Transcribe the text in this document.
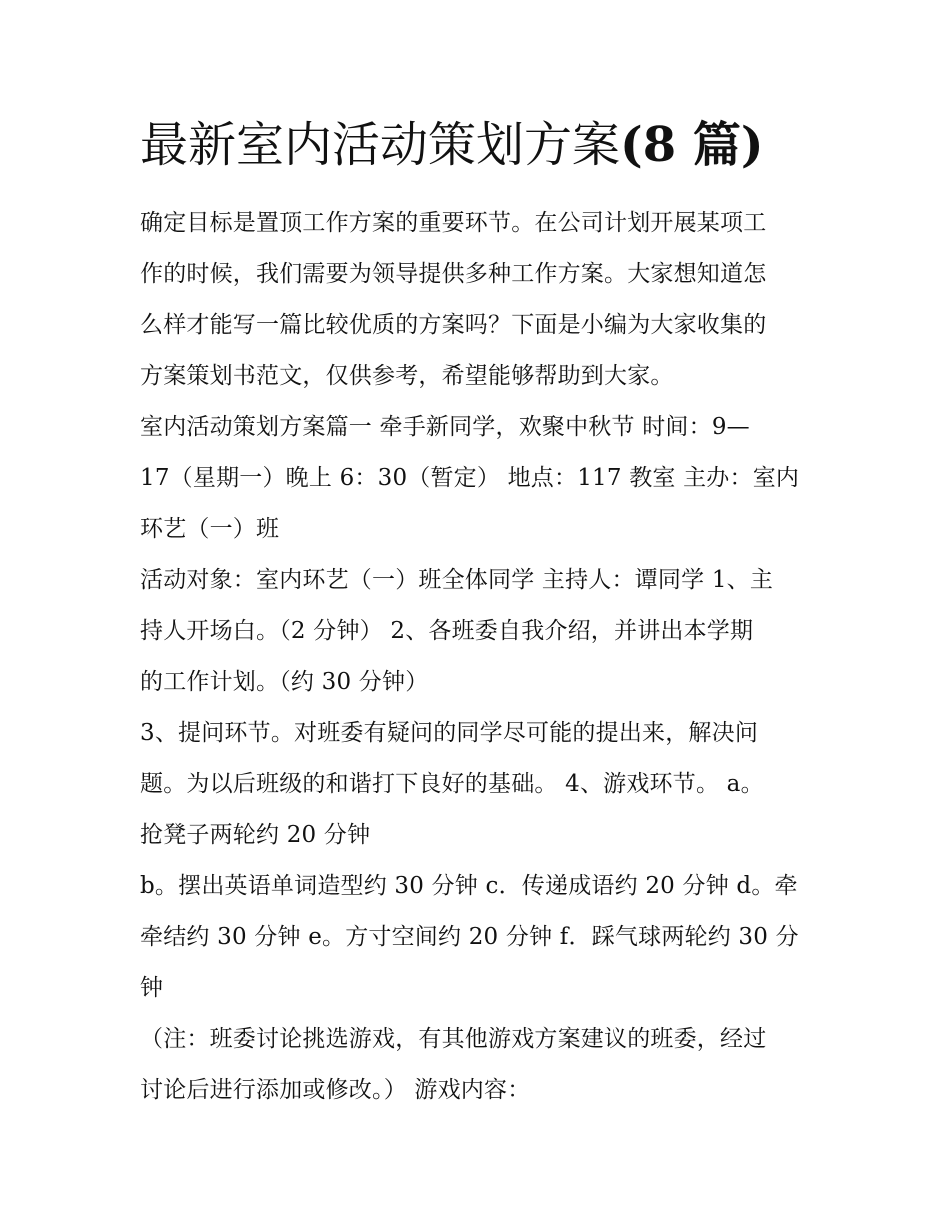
最新室内活动策划方案(8 篇)
确定目标是置顶工作方案的重要环节。在公司计划开展某项工
作的时候，我们需要为领导提供多种工作方案。大家想知道怎
么样才能写一篇比较优质的方案吗？下面是小编为大家收集的
方案策划书范文，仅供参考，希望能够帮助到大家。
室内活动策划方案篇一 牵手新同学，欢聚中秋节 时间：9—
17（星期一）晚上 6：30（暂定） 地点：117 教室 主办：室内
环艺（一）班
活动对象：室内环艺（一）班全体同学 主持人：谭同学 1、主
持人开场白。（2 分钟） 2、各班委自我介绍，并讲出本学期
的工作计划。（约 30 分钟）
3、提问环节。对班委有疑问的同学尽可能的提出来，解决问
题。为以后班级的和谐打下良好的基础。 4、游戏环节。 a。
抢凳子两轮约 20 分钟
b。摆出英语单词造型约 30 分钟 c．传递成语约 20 分钟 d。牵
牵结约 30 分钟 e。方寸空间约 20 分钟 f．踩气球两轮约 30 分
钟
（注：班委讨论挑选游戏，有其他游戏方案建议的班委，经过
讨论后进行添加或修改。） 游戏内容：
